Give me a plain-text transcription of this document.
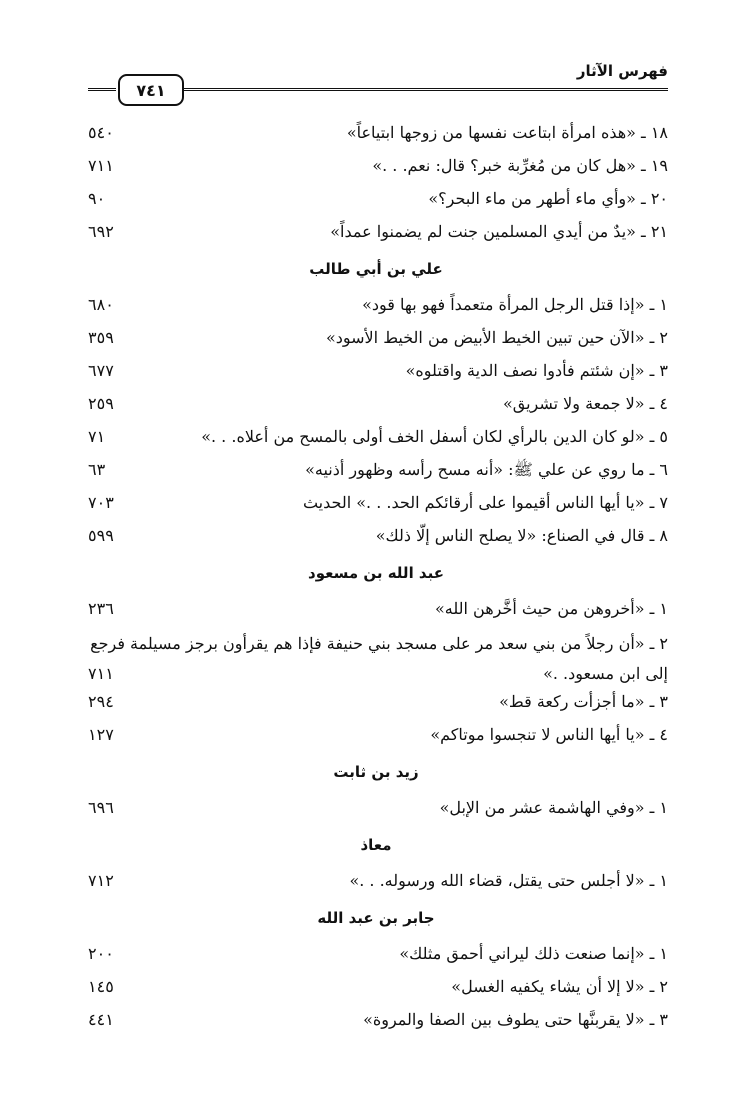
٧٤١
فهرس الآثار
١٨ ـ «هذه امرأة ابتاعت نفسها من زوجها ابتياعاً»
٥٤٠
١٩ ـ «هل كان من مُغرِّبة خبر؟ قال: نعم. . .»
٧١١
٢٠ ـ «وأي ماء أطهر من ماء البحر؟»
٩٠
٢١ ـ «يدٌ من أيدي المسلمين جنت لم يضمنوا عمداً»
٦٩٢
علي بن أبي طالب
١ ـ «إذا قتل الرجل المرأة متعمداً فهو بها قود»
٦٨٠
٢ ـ «الآن حين تبين الخيط الأبيض من الخيط الأسود»
٣٥٩
٣ ـ «إن شئتم فأدوا نصف الدية واقتلوه»
٦٧٧
٤ ـ «لا جمعة ولا تشريق»
٢٥٩
٥ ـ «لو كان الدين بالرأي لكان أسفل الخف أولى بالمسح من أعلاه. . .»
٧١
٦ ـ ما روي عن علي ﷺ: «أنه مسح رأسه وظهور أذنيه»
٦٣
٧ ـ «يا أيها الناس أقيموا على أرقائكم الحد. . .» الحديث
٧٠٣
٨ ـ قال في الصناع: «لا يصلح الناس إلّا ذلك»
٥٩٩
عبد الله بن مسعود
١ ـ «أخروهن من حيث أخَّرهن الله»
٢٣٦
٢ ـ «أن رجلاً من بني سعد مر على مسجد بني حنيفة فإذا هم يقرأون برجز مسيلمة فرجع إلى ابن مسعود. .»
٧١١
٣ ـ «ما أجزأت ركعة قط»
٢٩٤
٤ ـ «يا أيها الناس لا تنجسوا موتاكم»
١٢٧
زيد بن ثابت
١ ـ «وفي الهاشمة عشر من الإبل»
٦٩٦
معاذ
١ ـ «لا أجلس حتى يقتل، قضاء الله ورسوله. . .»
٧١٢
جابر بن عبد الله
١ ـ «إنما صنعت ذلك ليراني أحمق مثلك»
٢٠٠
٢ ـ «لا إلا أن يشاء يكفيه الغسل»
١٤٥
٣ ـ «لا يقربنَّها حتى يطوف بين الصفا والمروة»
٤٤١
